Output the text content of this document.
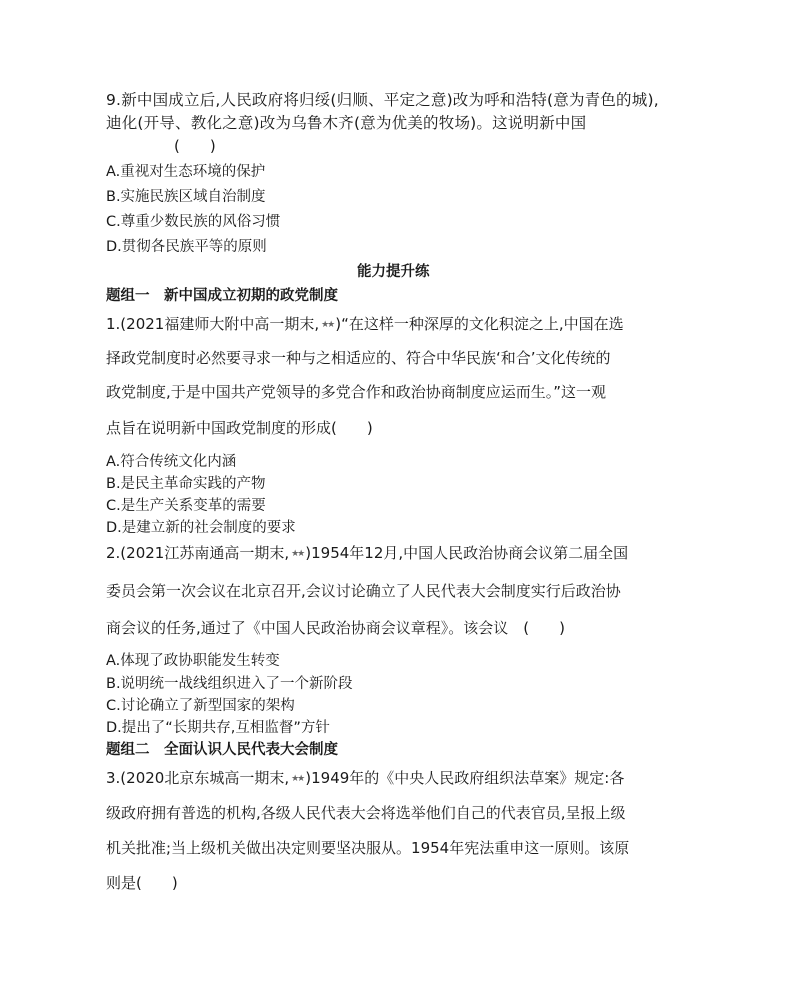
9.新中国成立后,人民政府将归绥(归顺、平定之意)改为呼和浩特(意为青色的城),
迪化(开导、教化之意)改为乌鲁木齐(意为优美的牧场)。这说明新中国
(　　)
A.重视对生态环境的保护
B.实施民族区域自治制度
C.尊重少数民族的风俗习惯
D.贯彻各民族平等的原则
能力提升练
题组一　新中国成立初期的政党制度
1.(2021福建师大附中高一期末, ★★ )“在这样一种深厚的文化积淀之上,中国在选
择政党制度时必然要寻求一种与之相适应的、符合中华民族‘和合’文化传统的
政党制度,于是中国共产党领导的多党合作和政治协商制度应运而生。”这一观
点旨在说明新中国政党制度的形成(　　)
A.符合传统文化内涵
B.是民主革命实践的产物
C.是生产关系变革的需要
D.是建立新的社会制度的要求
2.(2021江苏南通高一期末, ★★ )1954年12月,中国人民政治协商会议第二届全国
委员会第一次会议在北京召开,会议讨论确立了人民代表大会制度实行后政治协
商会议的任务,通过了《中国人民政治协商会议章程》。该会议　(　　)
A.体现了政协职能发生转变
B.说明统一战线组织进入了一个新阶段
C.讨论确立了新型国家的架构
D.提出了“长期共存,互相监督”方针
题组二　全面认识人民代表大会制度
3.(2020北京东城高一期末, ★★ )1949年的《中央人民政府组织法草案》规定:各
级政府拥有普选的机构,各级人民代表大会将选举他们自己的代表官员,呈报上级
机关批准;当上级机关做出决定则要坚决服从。1954年宪法重申这一原则。该原
则是(　　)
